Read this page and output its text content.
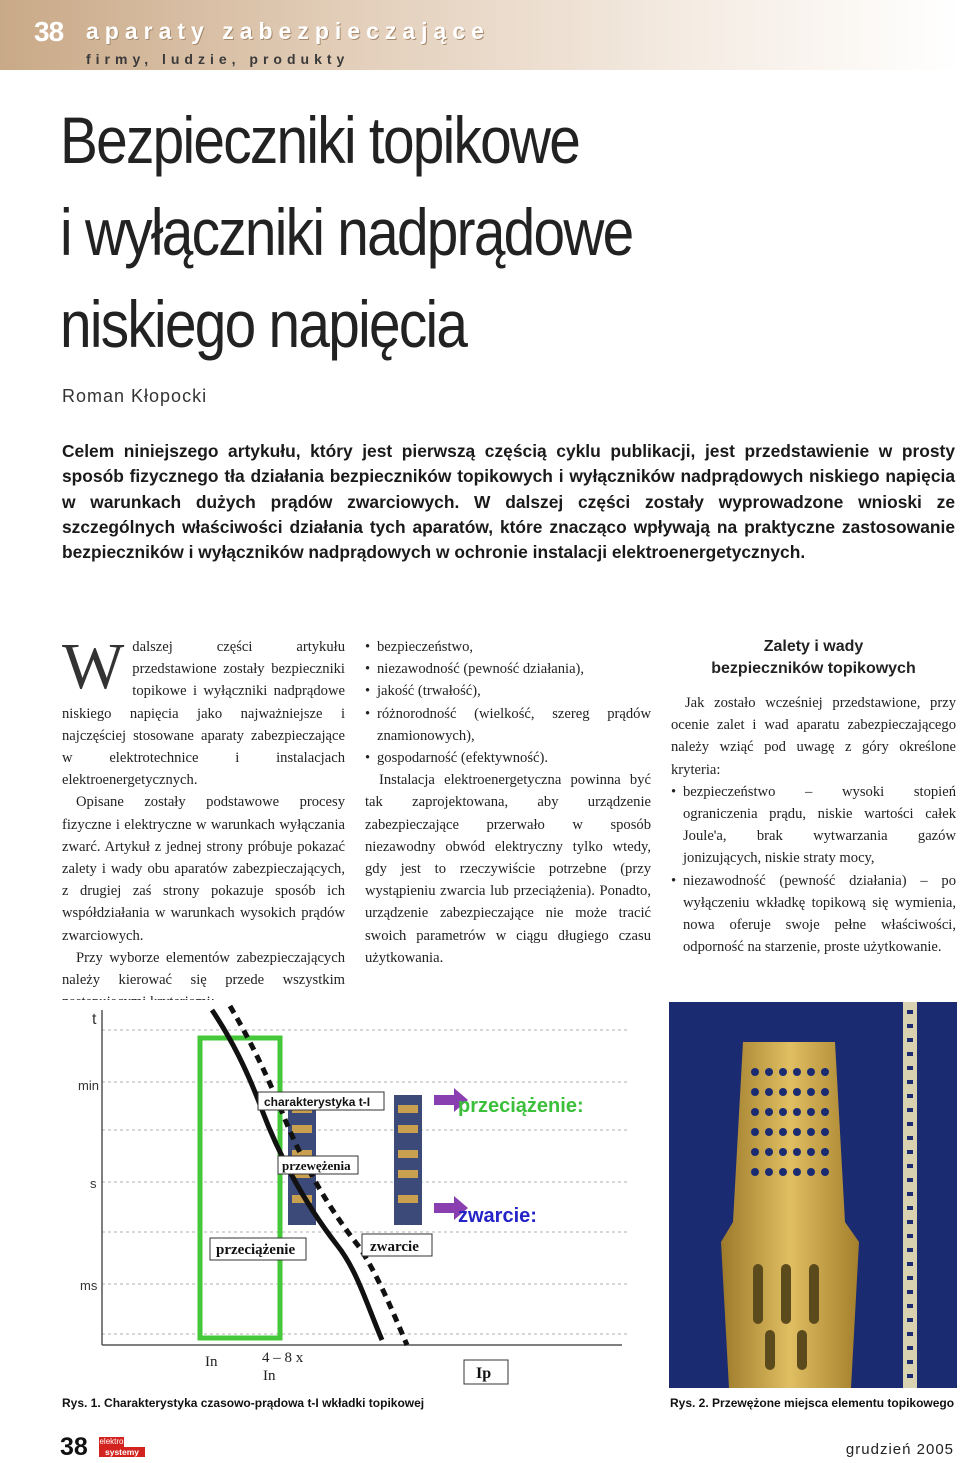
38 aparaty zabezpieczające
firmy, ludzie, produkty
Bezpieczniki topikowe
i wyłączniki nadprądowe
niskiego napięcia
Roman Kłopocki

Celem niniejszego artykułu, który jest pierwszą częścią cyklu publikacji, jest przedstawienie w prosty sposób fizycznego tła działania bezpieczników topikowych i wyłączników nadprądowych niskiego napięcia w warunkach dużych prądów zwarciowych. W dalszej części zostały wyprowadzone wnioski ze szczególnych właściwości działania tych aparatów, które znacząco wpływają na praktyczne zastosowanie bezpieczników i wyłączników nadprądowych w ochronie instalacji elektroenergetycznych.

Wdalszej części artykułu przedstawione zostały bezpieczniki topikowe i wyłączniki nadprądowe niskiego napięcia jako najważniejsze i najczęściej stosowane aparaty zabezpieczające w elektrotechnice i instalacjach elektroenergetycznych.

Opisane zostały podstawowe procesy fizyczne i elektryczne w warunkach wyłączania zwarć. Artykuł z jednej strony próbuje pokazać zalety i wady obu aparatów zabezpieczających, z drugiej zaś strony pokazuje sposób ich współdziałania w warunkach wysokich prądów zwarciowych.

Przy wyborze elementów zabezpieczających należy kierować się przede wszystkim

• bezpieczeństwo,
• niezawodność (pewność działania),
• jakość (trwałość),
• różnorodność (wielkość, szereg prądów znamionowych),
• gospodarność (efektywność).

Instalacja elektroenergetyczna powinna być tak zaprojektowana, aby urządzenie zabezpieczające przerwało w sposób niezawodny obwód elektryczny tylko wtedy, gdy jest to rzeczywiście potrzebne (przy wystąpieniu zwarcia lub przeciążenia). Ponadto, urządzenie zabezpieczające nie może tracić swoich parametrów w ciągu długiego czasu użytkowania.

Zalety i wady
bezpieczników topikowych

Jak zostało wcześniej przedstawione, przy ocenie zalet i wad aparatu zabezpieczającego należy wziąć pod uwagę z góry określone kryteria:

• bezpieczeństwo – wysoki stopień ograniczenia prądu, niskie wartości całek Joule'a, brak wytwarzania gazów jonizujących, niskie straty mocy,
• niezawodność (pewność działania) – po wyłączeniu wkładkę topikową się wymienia, nowa oferuje swoje pełne właściwości, odporność na starzenie, proste użytkowanie.
t
min
s
ms
charakterystyka t-I
przewężenia
przeciążenie	zwarcie
przeciążenie:
zwarcie:
In	4 – 8 x
In	Ip
Rys. 1. Charakterystyka czasowo-prądowa t-I wkładki topikowej	Rys. 2. Przewężone miejsca elementu topikowego
38 elektro
systemy	grudzień 2005
